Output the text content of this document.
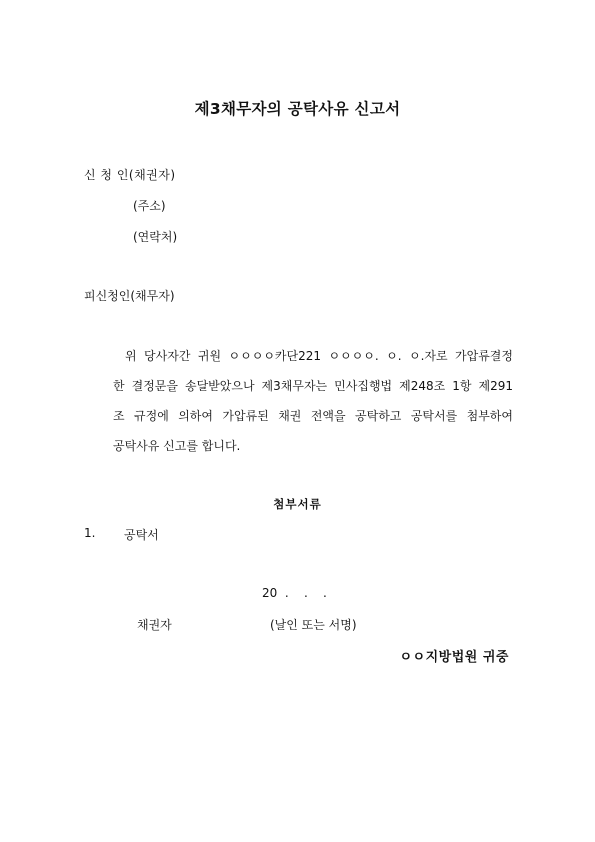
제3채무자의 공탁사유 신고서
신 청 인(채권자)
(주소)
(연락처)
피신청인(채무자)
위 당사자간 귀원 ㅇㅇㅇㅇ카단221 ㅇㅇㅇㅇ. ㅇ. ㅇ.자로 가압류결정
한 결정문을 송달받았으나 제3채무자는 민사집행법 제248조 1항 제291
조 규정에 의하여 가압류된 채권 전액을 공탁하고 공탁서를 첨부하여
공탁사유 신고를 합니다.
첨부서류
1. 공탁서
20  .    .    .
채권자	(날인 또는 서명)
ㅇㅇ지방법원 귀중
